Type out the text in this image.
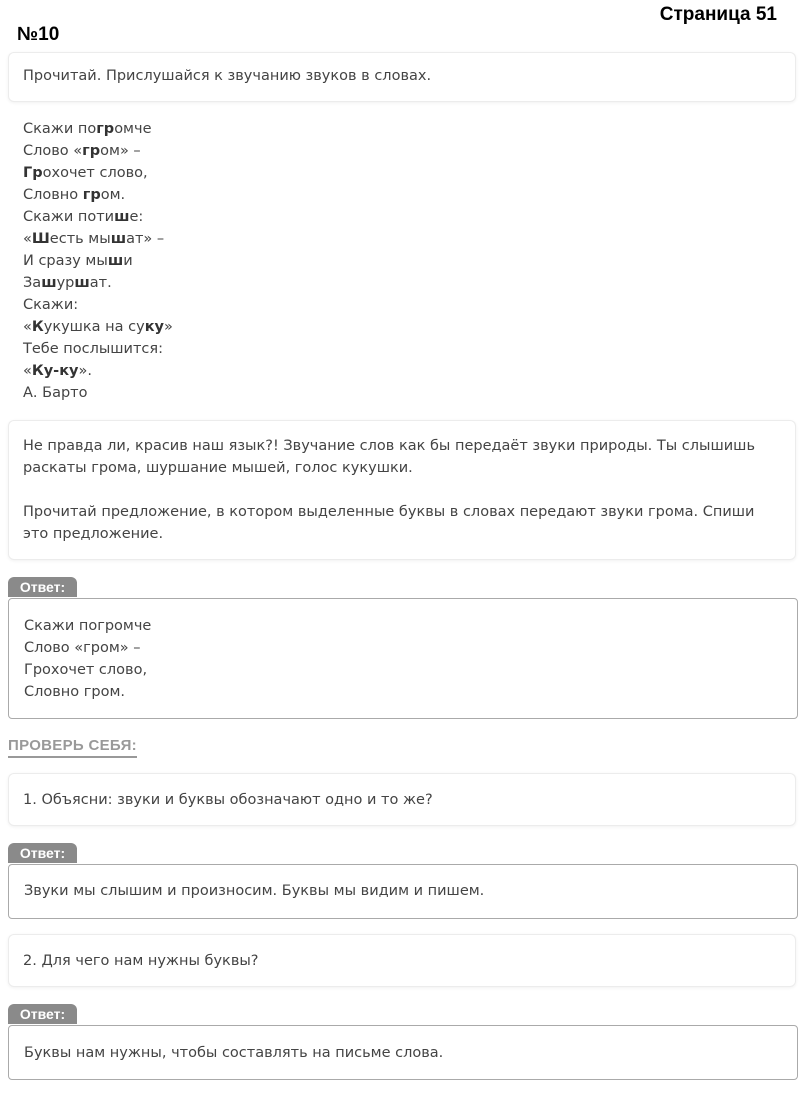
Страница 51
№10
Прочитай. Прислушайся к звучанию звуков в словах.
Скажи погромче
Слово «гром» –
Грохочет слово,
Словно гром.
Скажи потише:
«Шесть мышат» –
И сразу мыши
Зашуршат.
Скажи:
«Кукушка на суку»
Тебе послышится:
«Ку-ку».
А. Барто
Не правда ли, красив наш язык?! Звучание слов как бы передаёт звуки природы. Ты слышишь раскаты грома, шуршание мышей, голос кукушки.
Прочитай предложение, в котором выделенные буквы в словах передают звуки грома. Спиши это предложение.
Ответ:
Скажи погромче
Слово «гром» –
Грохочет слово,
Словно гром.
ПРОВЕРЬ СЕБЯ:
1. Объясни: звуки и буквы обозначают одно и то же?
Ответ:
Звуки мы слышим и произносим. Буквы мы видим и пишем.
2. Для чего нам нужны буквы?
Ответ:
Буквы нам нужны, чтобы составлять на письме слова.
